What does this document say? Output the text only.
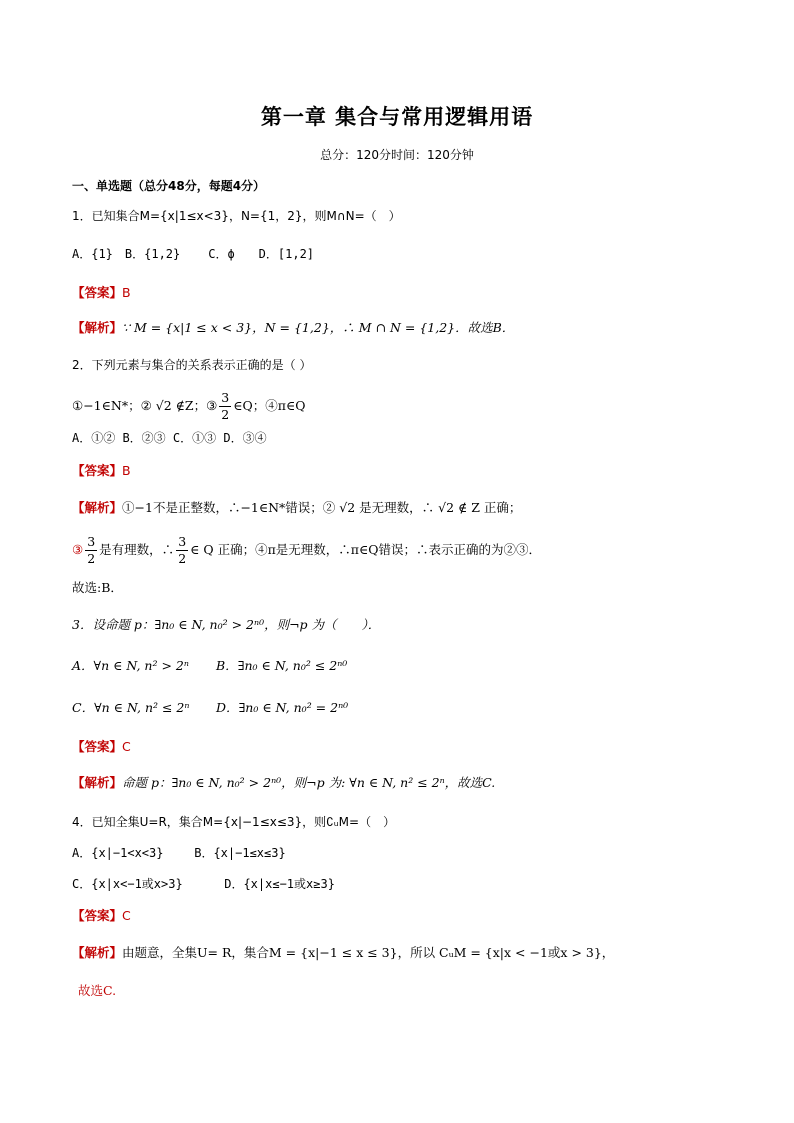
第一章 集合与常用逻辑用语
总分：120分时间：120分钟
一、单选题（总分48分，每题4分）
1．已知集合M={x|1≤x<3}，N={1，2}，则M∩N=（　）
A．{1} B．{1,2} C．ϕ D．[1,2]
【答案】B
【解析】∵ M = {x|1 ≤ x < 3}，N = {1,2}，∴ M ∩ N = {1,2}．故选B．
2．下列元素与集合的关系表示正确的是（ ）
①−1∈N*；② √2 ∉Z；③ $\frac{3}{2}$ ∈Q；④π∈Q
A．①② B．②③ C．①③ D．③④
【答案】B
【解析】①−1不是正整数，∴−1∈N*错误；② √2 是无理数，∴ √2 ∉ Z 正确；
③ $\frac{3}{2}$ 是有理数，∴ $\frac{3}{2}$ ∈ Q 正确；④π是无理数，∴π∈Q错误；∴表示正确的为②③．
故选:B．
3．设命题 p：∃n₀ ∈ N, n₀² > 2ⁿ⁰，则¬p 为（　　）．
A．∀n ∈ N, n² > 2ⁿ B．∃n₀ ∈ N, n₀² ≤ 2ⁿ⁰
C．∀n ∈ N, n² ≤ 2ⁿ D．∃n₀ ∈ N, n₀² = 2ⁿ⁰
【答案】C
【解析】命题 p：∃n₀ ∈ N, n₀² > 2ⁿ⁰，则¬p 为: ∀n ∈ N, n² ≤ 2ⁿ，故选C.
4．已知全集U=R，集合M={x|−1≤x≤3}，则∁ᵤM=（　）
A．{x|−1<x<3}	B．{x|−1≤x≤3}
C．{x|x<−1或x>3}	D．{x|x≤−1或x≥3}
【答案】C
【解析】由题意，全集U= R，集合M = {x|−1 ≤ x ≤ 3}，所以 CᵤM = {x|x < −1或x > 3}，
故选C.
